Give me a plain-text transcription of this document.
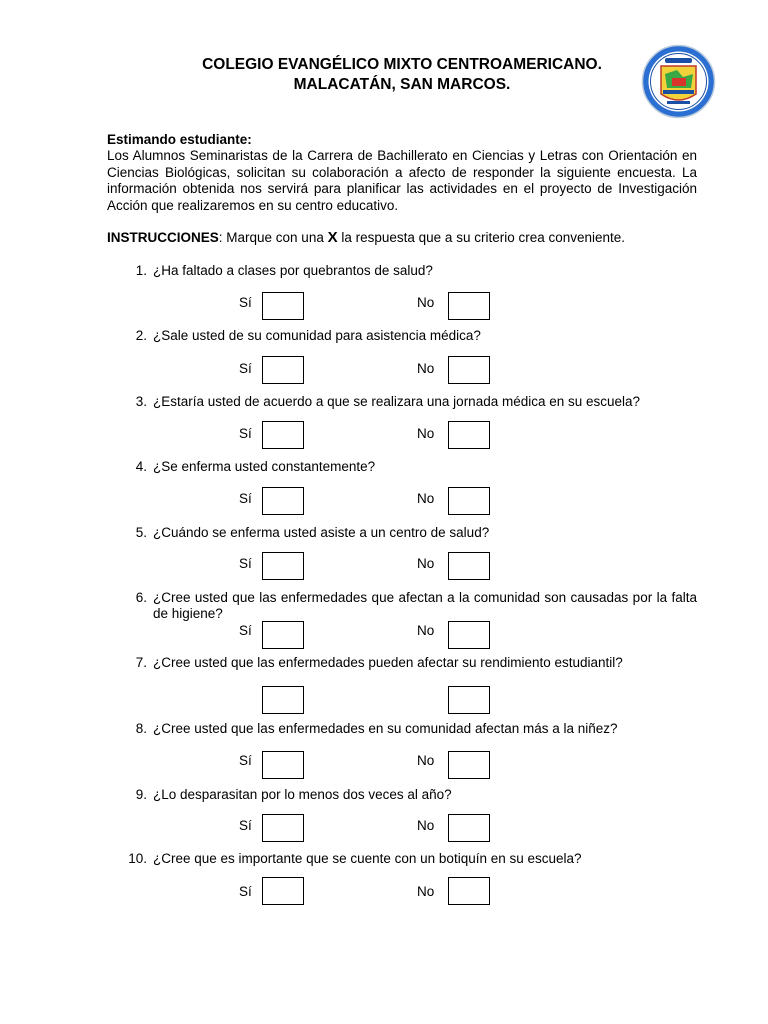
COLEGIO EVANGÉLICO MIXTO CENTROAMERICANO.
MALACATÁN, SAN MARCOS.
Estimando estudiante:
Los Alumnos Seminaristas de la Carrera de Bachillerato en Ciencias y Letras con Orientación en Ciencias Biológicas, solicitan su colaboración a afecto de responder la siguiente encuesta. La información obtenida nos servirá para planificar las actividades en el proyecto de Investigación Acción que realizaremos en su centro educativo.
INSTRUCCIONES: Marque con una X la respuesta que a su criterio crea conveniente.
1. ¿Ha faltado a clases por quebrantos de salud?
Sí	No
2. ¿Sale usted de su comunidad para asistencia médica?
Sí	No
3. ¿Estaría usted de acuerdo a que se realizara una jornada médica en su escuela?
Sí	No
4. ¿Se enferma usted constantemente?
Sí	No
5. ¿Cuándo se enferma usted asiste a un centro de salud?
Sí	No
6. ¿Cree usted que las enfermedades que afectan a la comunidad son causadas por la falta de higiene?
Sí	No
7. ¿Cree usted que las enfermedades pueden afectar su rendimiento estudiantil?
8. ¿Cree usted que las enfermedades en su comunidad afectan más a la niñez?
Sí	No
9. ¿Lo desparasitan por lo menos dos veces al año?
Sí	No
10. ¿Cree que es importante que se cuente con un botiquín en su escuela?
Sí	No
